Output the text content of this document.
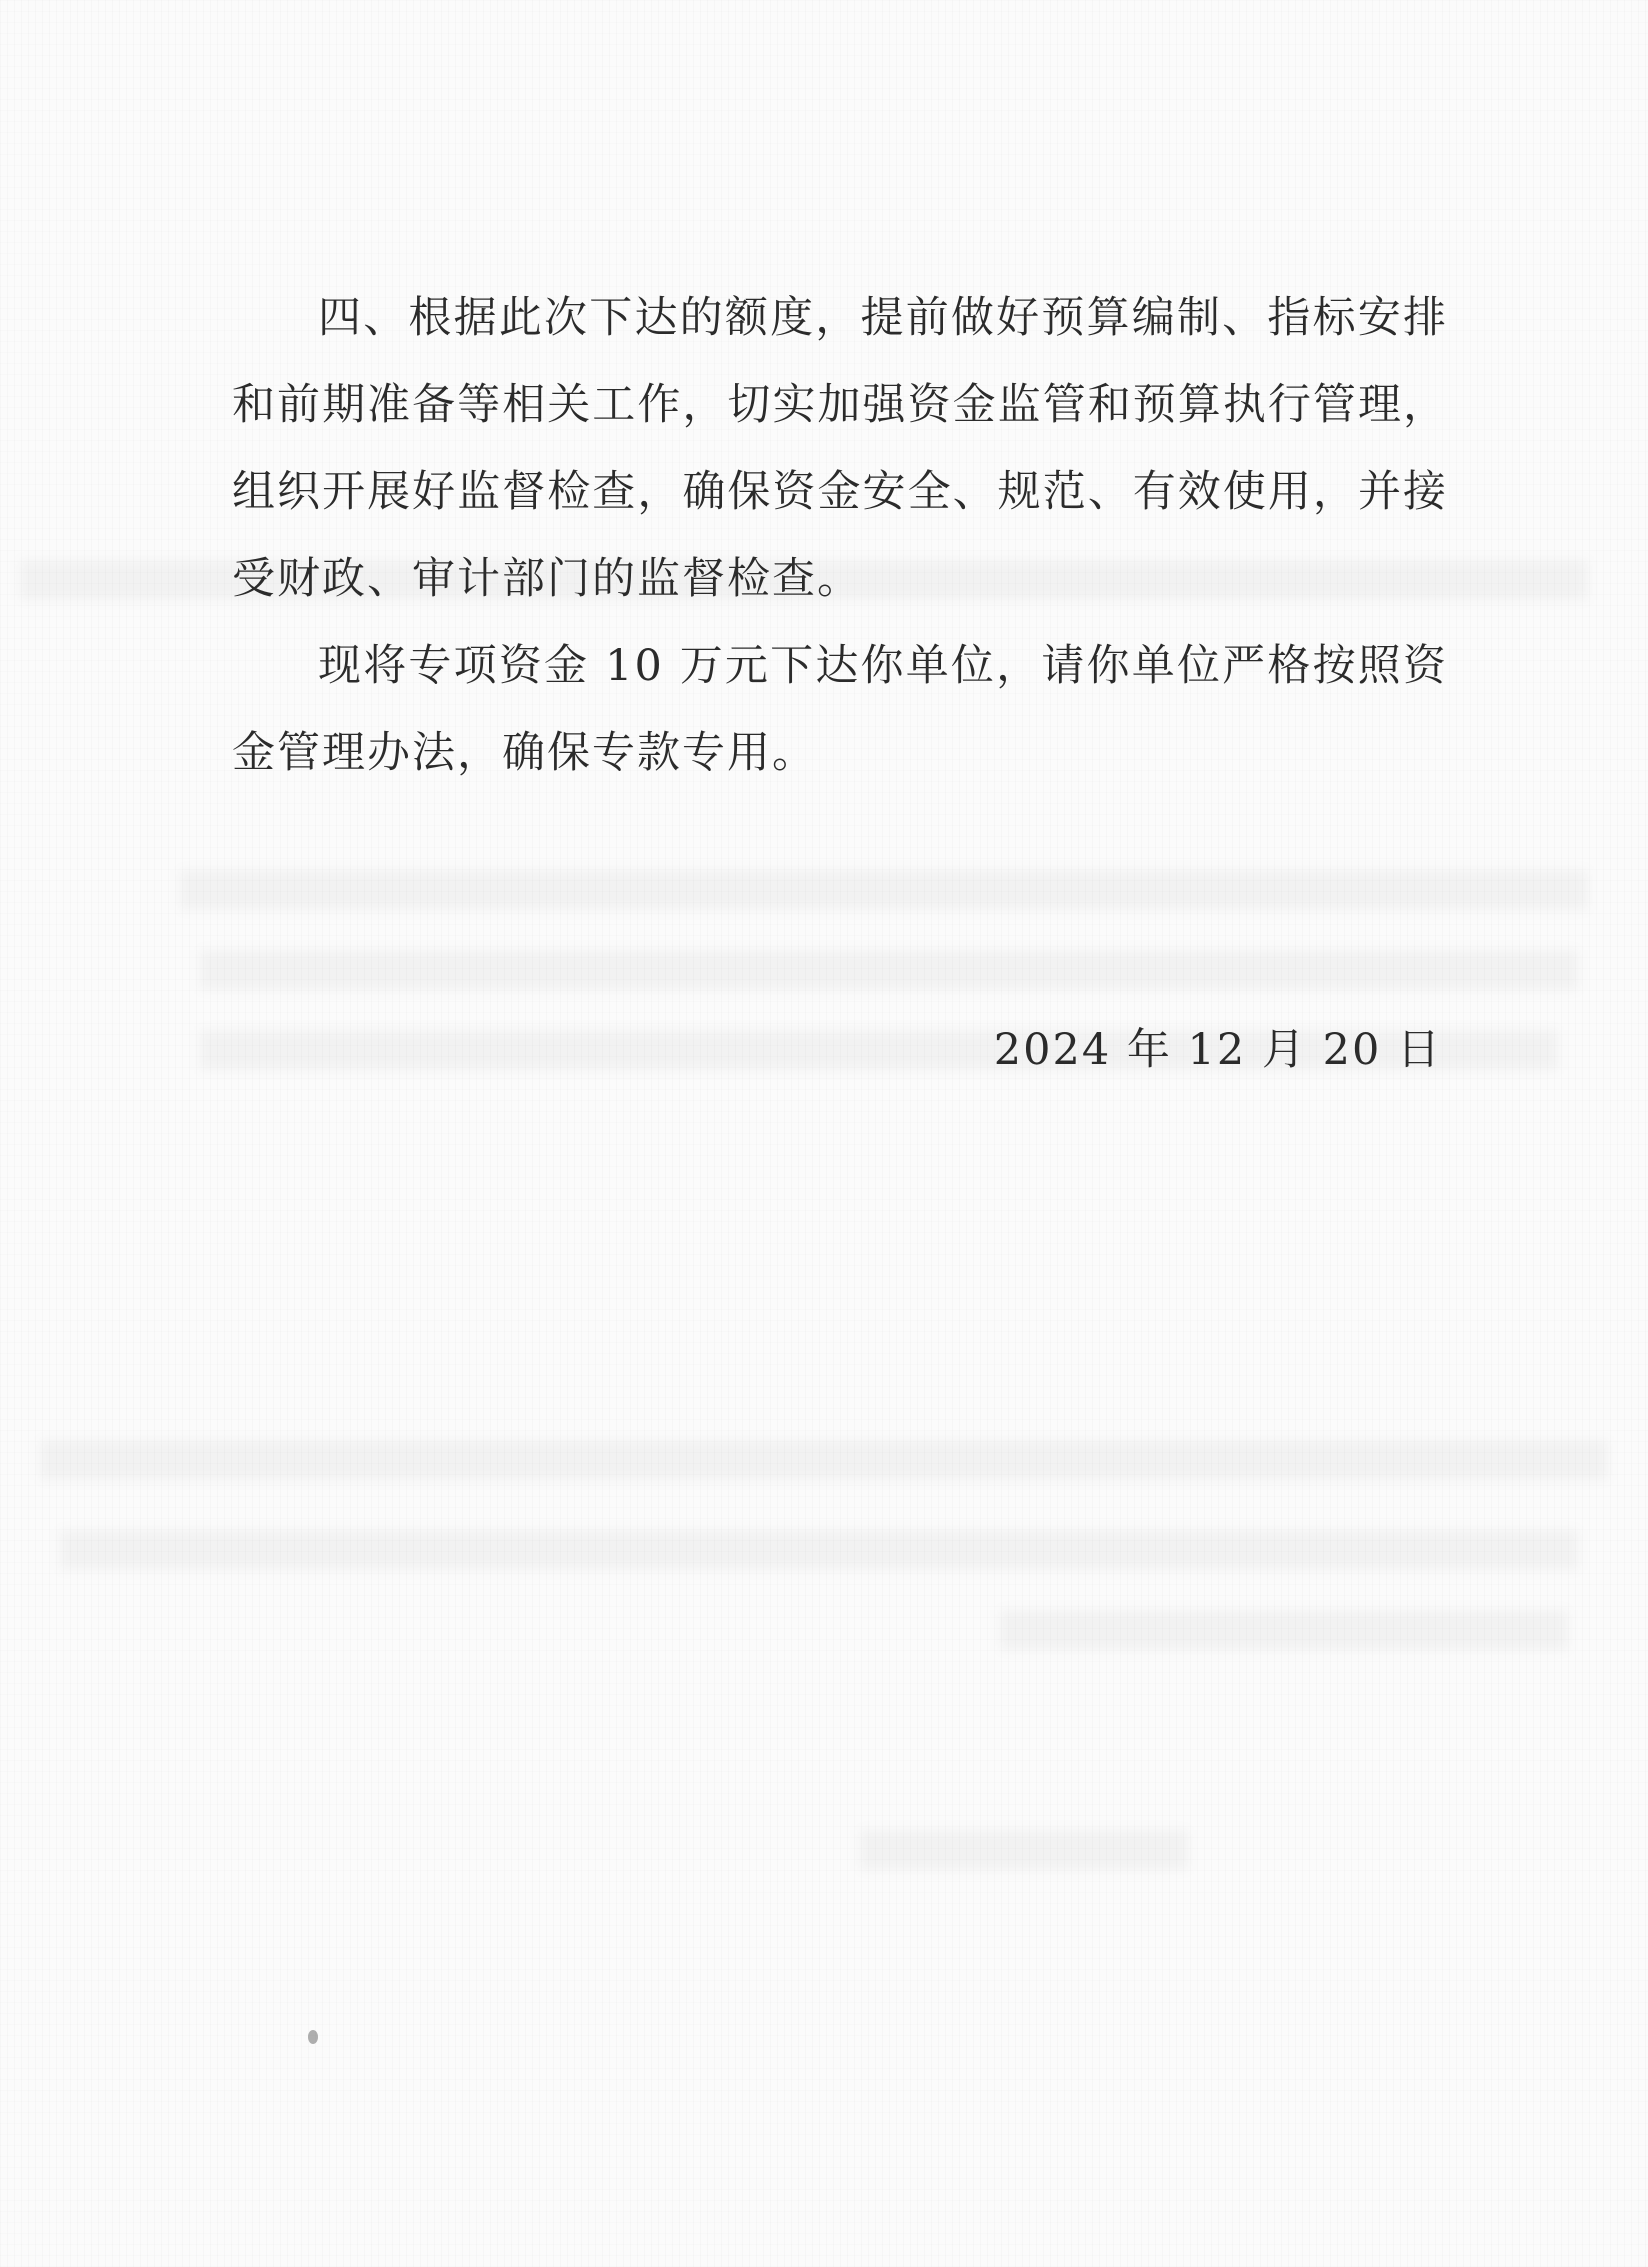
四、根据此次下达的额度，提前做好预算编制、指标安排和前期准备等相关工作，切实加强资金监管和预算执行管理，组织开展好监督检查，确保资金安全、规范、有效使用，并接受财政、审计部门的监督检查。

现将专项资金 10 万元下达你单位，请你单位严格按照资金管理办法，确保专款专用。

2024 年 12 月 20 日
